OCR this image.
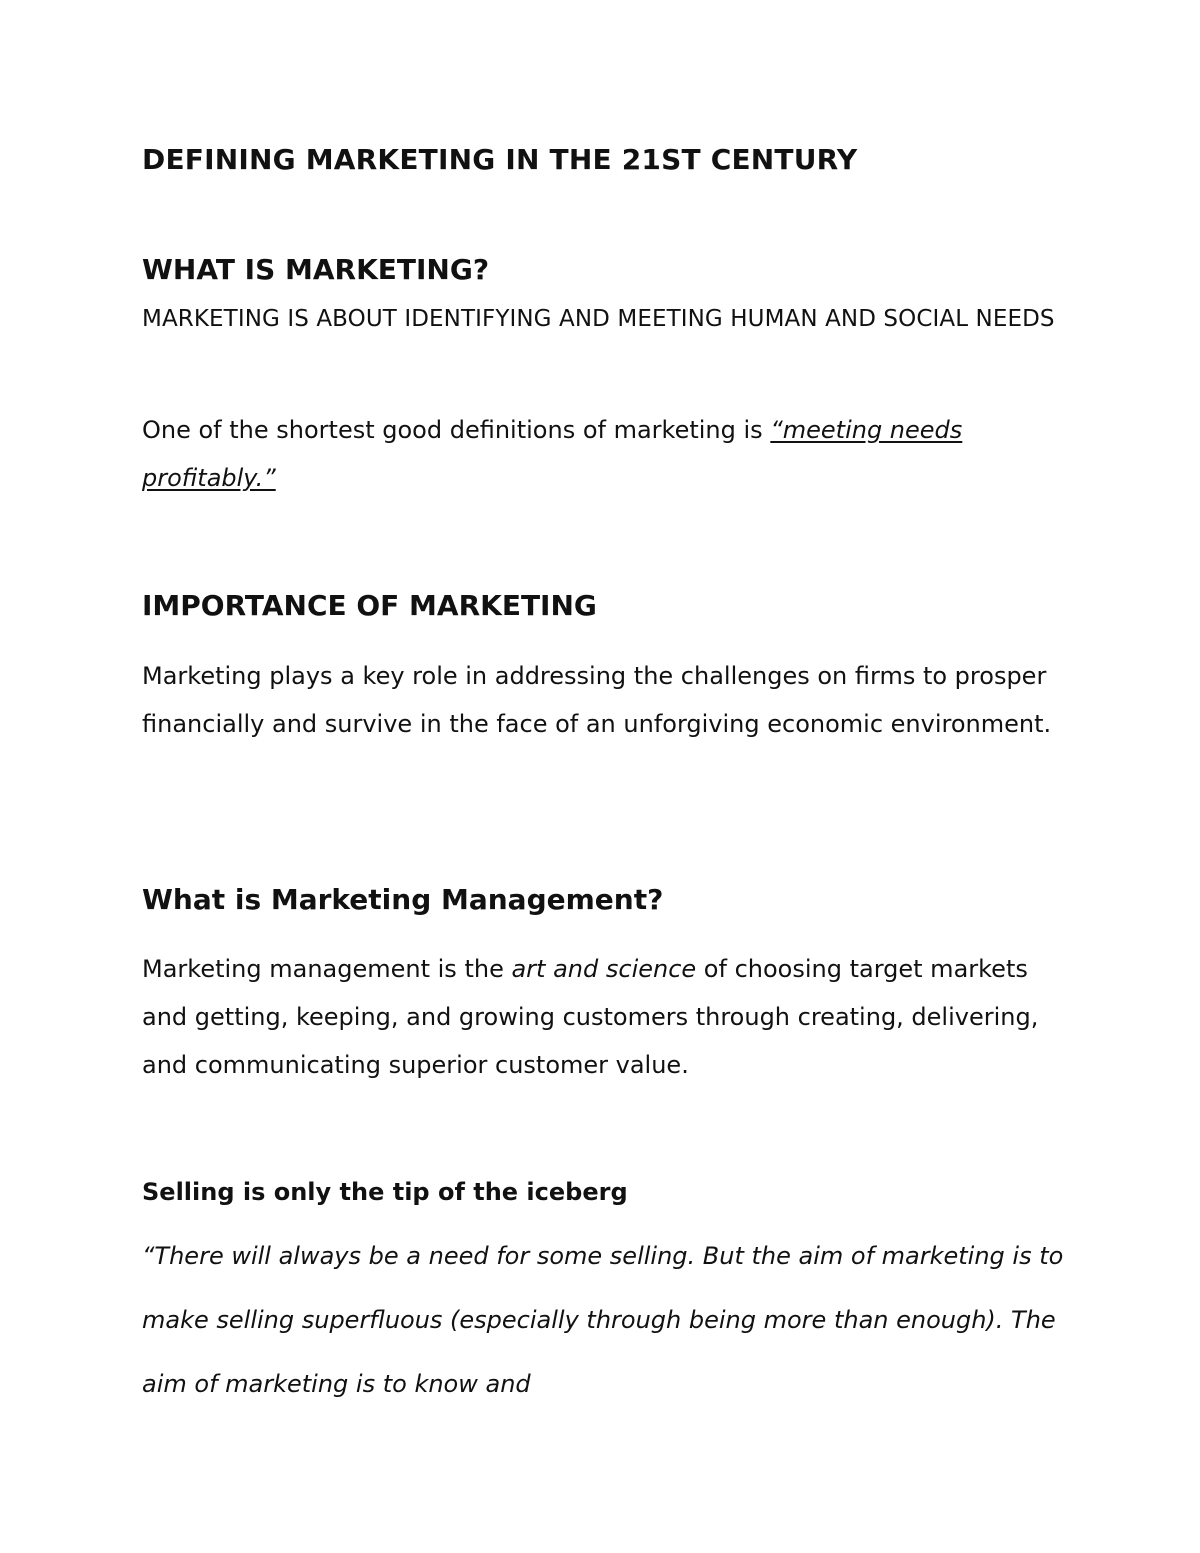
DEFINING MARKETING IN THE 21ST CENTURY
WHAT IS MARKETING?

MARKETING IS ABOUT IDENTIFYING AND MEETING HUMAN AND SOCIAL NEEDS

One of the shortest good definitions of marketing is “meeting needs profitably.”

IMPORTANCE OF MARKETING

Marketing plays a key role in addressing the challenges on firms to prosper financially and survive in the face of an unforgiving economic environment.

What is Marketing Management?

Marketing management is the art and science of choosing target markets and getting, keeping, and growing customers through creating, delivering, and communicating superior customer value.

Selling is only the tip of the iceberg

“There will always be a need for some selling. But the aim of marketing is to make selling superfluous (especially through being more than enough). The aim of marketing is to know and
